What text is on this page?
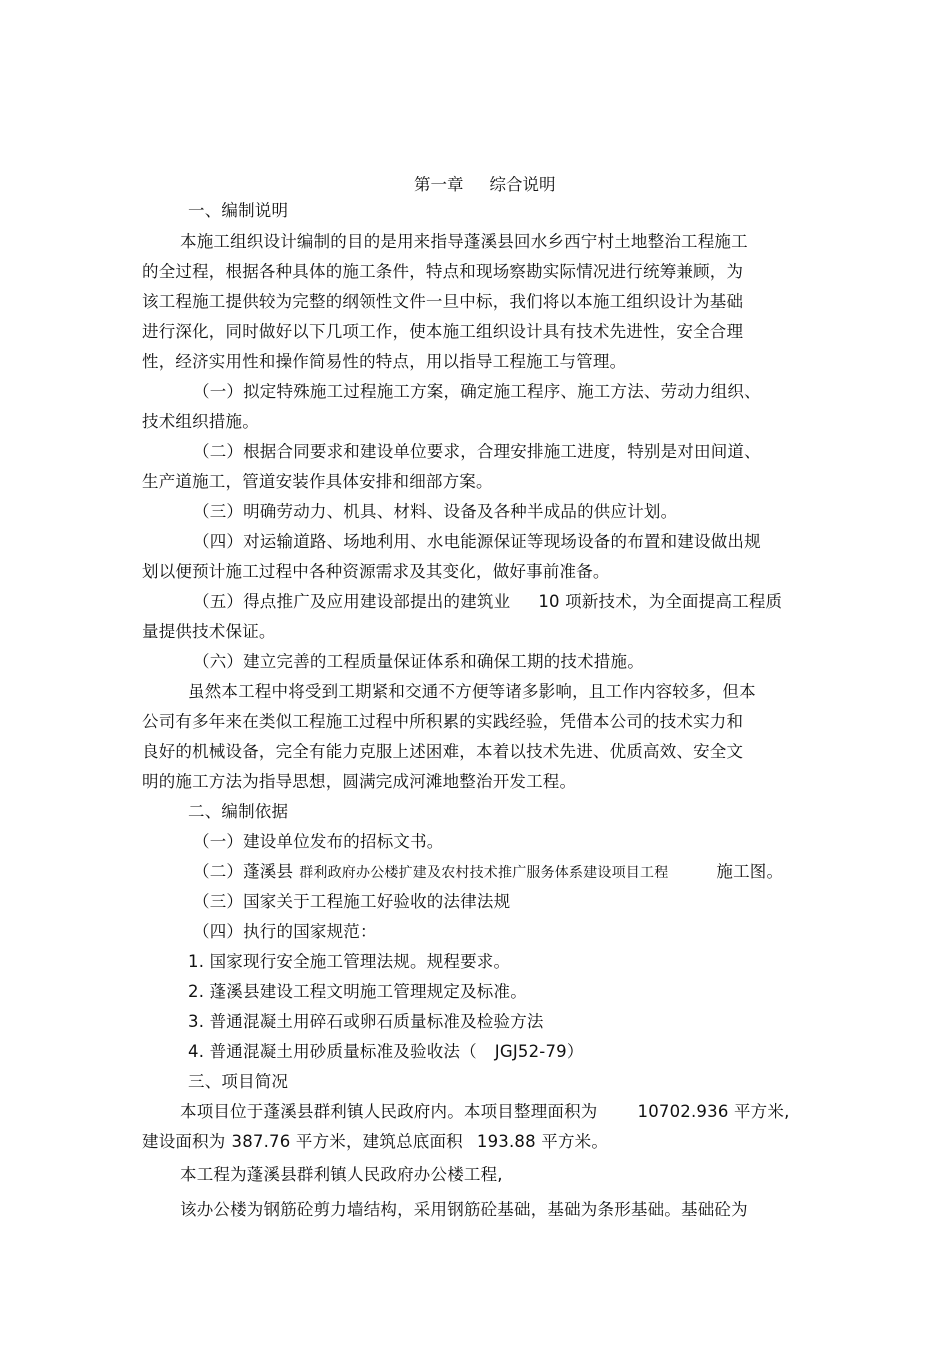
第一章 综合说明
一、编制说明
本施工组织设计编制的目的是用来指导蓬溪县回水乡西宁村土地整治工程施工
的全过程，根据各种具体的施工条件，特点和现场察勘实际情况进行统筹兼顾，为
该工程施工提供较为完整的纲领性文件一旦中标，我们将以本施工组织设计为基础
进行深化，同时做好以下几项工作，使本施工组织设计具有技术先进性，安全合理
性，经济实用性和操作简易性的特点，用以指导工程施工与管理。
（一）拟定特殊施工过程施工方案，确定施工程序、施工方法、劳动力组织、
技术组织措施。
（二）根据合同要求和建设单位要求，合理安排施工进度，特别是对田间道、
生产道施工，管道安装作具体安排和细部方案。
（三）明确劳动力、机具、材料、设备及各种半成品的供应计划。
（四）对运输道路、场地利用、水电能源保证等现场设备的布置和建设做出规
划以便预计施工过程中各种资源需求及其变化，做好事前准备。
（五）得点推广及应用建设部提出的建筑业 10 项新技术，为全面提高工程质
量提供技术保证。
（六）建立完善的工程质量保证体系和确保工期的技术措施。
虽然本工程中将受到工期紧和交通不方便等诸多影响，且工作内容较多，但本
公司有多年来在类似工程施工过程中所积累的实践经验，凭借本公司的技术实力和
良好的机械设备，完全有能力克服上述困难，本着以技术先进、优质高效、安全文
明的施工方法为指导思想，圆满完成河滩地整治开发工程。
二、编制依据
（一）建设单位发布的招标文书。
（二）蓬溪县 群利政府办公楼扩建及农村技术推广服务体系建设项目工程	施工图。
（三）国家关于工程施工好验收的法律法规
（四）执行的国家规范：
1. 国家现行安全施工管理法规。规程要求。
2. 蓬溪县建设工程文明施工管理规定及标准。
3. 普通混凝土用碎石或卵石质量标准及检验方法
4. 普通混凝土用砂质量标准及验收法（ JGJ52-79）
三、项目简况
本项目位于蓬溪县群利镇人民政府内。本项目整理面积为 10702.936 平方米,
建设面积为 387.76 平方米，建筑总底面积 193.88 平方米。
本工程为蓬溪县群利镇人民政府办公楼工程,
该办公楼为钢筋砼剪力墙结构，采用钢筋砼基础，基础为条形基础。基础砼为
